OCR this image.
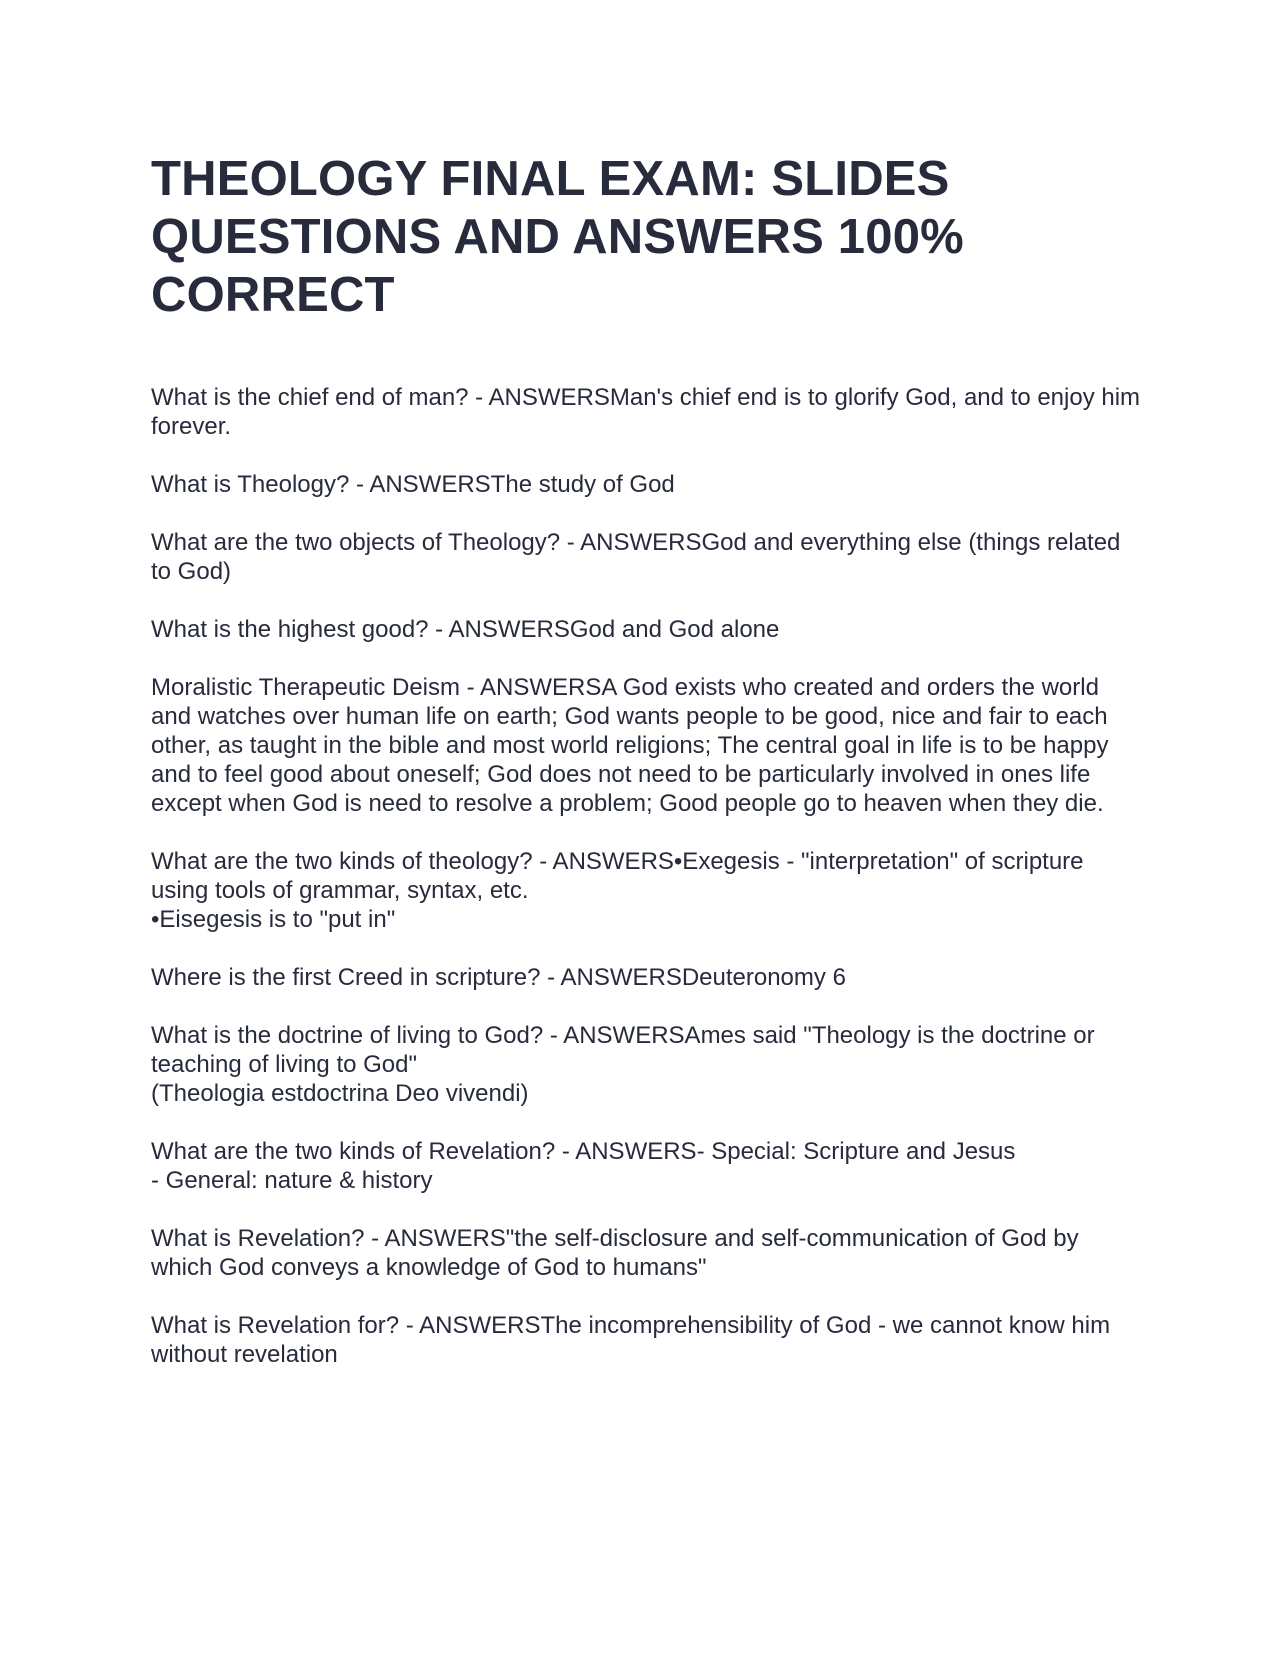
THEOLOGY FINAL EXAM: SLIDES QUESTIONS AND ANSWERS 100% CORRECT

What is the chief end of man? - ANSWERSMan's chief end is to glorify God, and to enjoy him forever.

What is Theology? - ANSWERSThe study of God

What are the two objects of Theology? - ANSWERSGod and everything else (things related to God)

What is the highest good? - ANSWERSGod and God alone

Moralistic Therapeutic Deism - ANSWERSA God exists who created and orders the world and watches over human life on earth; God wants people to be good, nice and fair to each other, as taught in the bible and most world religions; The central goal in life is to be happy and to feel good about oneself; God does not need to be particularly involved in ones life except when God is need to resolve a problem; Good people go to heaven when they die.

What are the two kinds of theology? - ANSWERS•Exegesis - "interpretation" of scripture using tools of grammar, syntax, etc.
•Eisegesis is to "put in"

Where is the first Creed in scripture? - ANSWERSDeuteronomy 6

What is the doctrine of living to God? - ANSWERSAmes said "Theology is the doctrine or teaching of living to God"
(Theologia estdoctrina Deo vivendi)

What are the two kinds of Revelation? - ANSWERS- Special: Scripture and Jesus
- General: nature & history

What is Revelation? - ANSWERS"the self-disclosure and self-communication of God by which God conveys a knowledge of God to humans"

What is Revelation for? - ANSWERSThe incomprehensibility of God - we cannot know him without revelation
